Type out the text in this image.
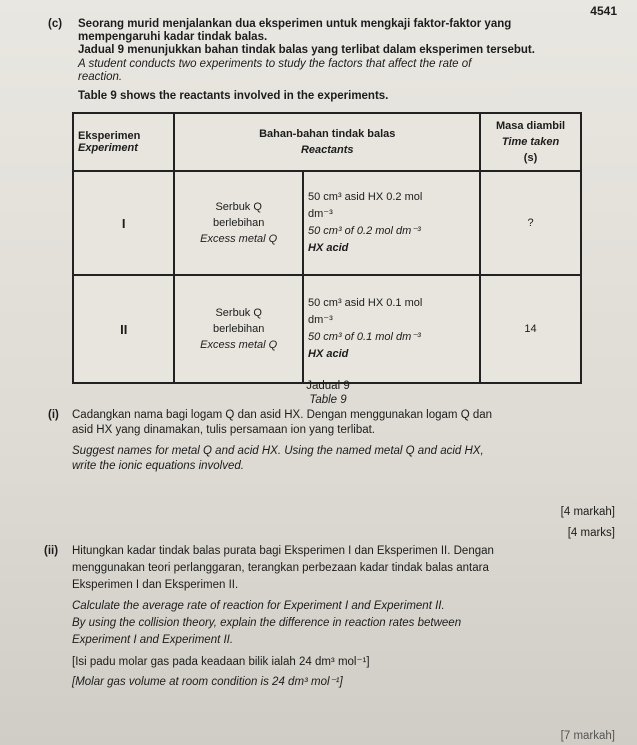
4541
(c) Seorang murid menjalankan dua eksperimen untuk mengkaji faktor-faktor yang
mempengaruhi kadar tindak balas.
Jadual 9 menunjukkan bahan tindak balas yang terlibat dalam eksperimen tersebut.
A student conducts two experiments to study the factors that affect the rate of
reaction.
Table 9 shows the reactants involved in the experiments.
Eksperimen
Experiment	Bahan-bahan tindak balas
Reactants		Masa diambil
Time taken
(s)

I	Serbuk Q
berlebihan
Excess metal Q	50 cm³ asid HX 0.2 mol
dm⁻³
50 cm³ of 0.2 mol dm⁻³
HX acid	?
II	Serbuk Q
berlebihan
Excess metal Q	50 cm³ asid HX 0.1 mol
dm⁻³
50 cm³ of 0.1 mol dm⁻³
HX acid	14
Jadual 9
Table 9
(i) Cadangkan nama bagi logam Q dan asid HX. Dengan menggunakan logam Q dan
asid HX yang dinamakan, tulis persamaan ion yang terlibat.
Suggest names for metal Q and acid HX. Using the named metal Q and acid HX,
write the ionic equations involved.
[4 markah]
[4 marks]
(ii) Hitungkan kadar tindak balas purata bagi Eksperimen I dan Eksperimen II. Dengan
menggunakan teori perlanggaran, terangkan perbezaan kadar tindak balas antara
Eksperimen I dan Eksperimen II.
Calculate the average rate of reaction for Experiment I and Experiment II.
By using the collision theory, explain the difference in reaction rates between
Experiment I and Experiment II.
[Isi padu molar gas pada keadaan bilik ialah 24 dm³ mol⁻¹]
[Molar gas volume at room condition is 24 dm³ mol⁻¹]
[7 markah]
